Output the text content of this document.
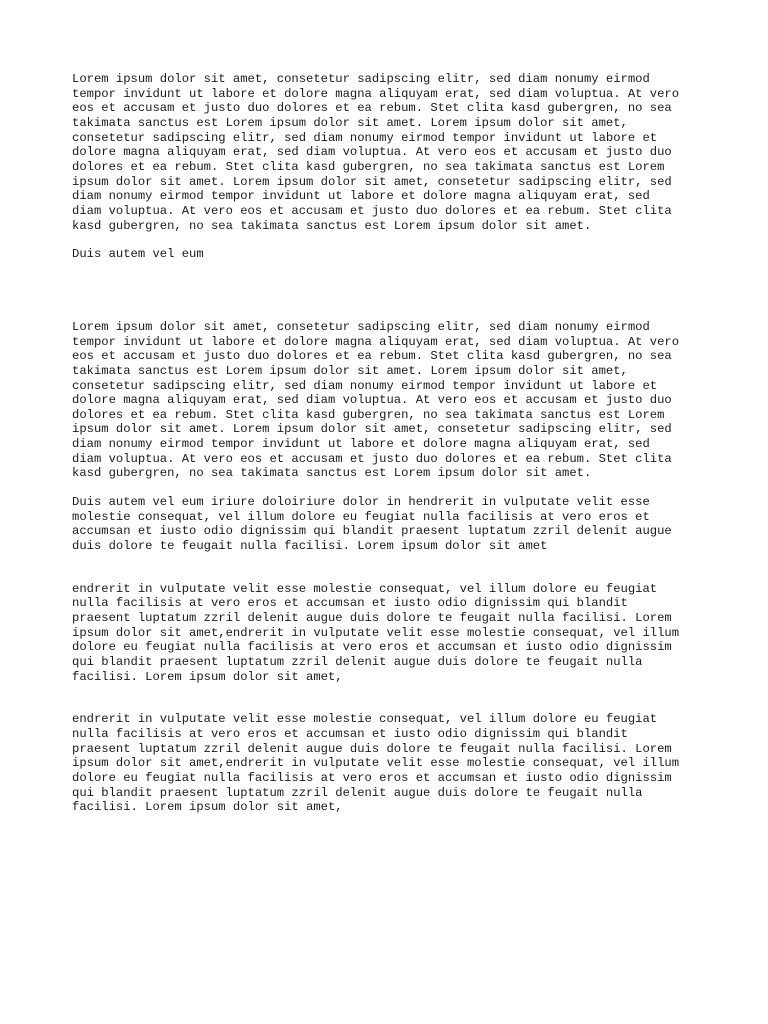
Lorem ipsum dolor sit amet, consetetur sadipscing elitr, sed diam nonumy eirmod
tempor invidunt ut labore et dolore magna aliquyam erat, sed diam voluptua. At vero
eos et accusam et justo duo dolores et ea rebum. Stet clita kasd gubergren, no sea
takimata sanctus est Lorem ipsum dolor sit amet. Lorem ipsum dolor sit amet,
consetetur sadipscing elitr, sed diam nonumy eirmod tempor invidunt ut labore et
dolore magna aliquyam erat, sed diam voluptua. At vero eos et accusam et justo duo
dolores et ea rebum. Stet clita kasd gubergren, no sea takimata sanctus est Lorem
ipsum dolor sit amet. Lorem ipsum dolor sit amet, consetetur sadipscing elitr, sed
diam nonumy eirmod tempor invidunt ut labore et dolore magna aliquyam erat, sed
diam voluptua. At vero eos et accusam et justo duo dolores et ea rebum. Stet clita
kasd gubergren, no sea takimata sanctus est Lorem ipsum dolor sit amet.

Duis autem vel eum

Lorem ipsum dolor sit amet, consetetur sadipscing elitr, sed diam nonumy eirmod
tempor invidunt ut labore et dolore magna aliquyam erat, sed diam voluptua. At vero
eos et accusam et justo duo dolores et ea rebum. Stet clita kasd gubergren, no sea
takimata sanctus est Lorem ipsum dolor sit amet. Lorem ipsum dolor sit amet,
consetetur sadipscing elitr, sed diam nonumy eirmod tempor invidunt ut labore et
dolore magna aliquyam erat, sed diam voluptua. At vero eos et accusam et justo duo
dolores et ea rebum. Stet clita kasd gubergren, no sea takimata sanctus est Lorem
ipsum dolor sit amet. Lorem ipsum dolor sit amet, consetetur sadipscing elitr, sed
diam nonumy eirmod tempor invidunt ut labore et dolore magna aliquyam erat, sed
diam voluptua. At vero eos et accusam et justo duo dolores et ea rebum. Stet clita
kasd gubergren, no sea takimata sanctus est Lorem ipsum dolor sit amet.

Duis autem vel eum iriure doloiriure dolor in hendrerit in vulputate velit esse
molestie consequat, vel illum dolore eu feugiat nulla facilisis at vero eros et
accumsan et iusto odio dignissim qui blandit praesent luptatum zzril delenit augue
duis dolore te feugait nulla facilisi. Lorem ipsum dolor sit amet

endrerit in vulputate velit esse molestie consequat, vel illum dolore eu feugiat
nulla facilisis at vero eros et accumsan et iusto odio dignissim qui blandit
praesent luptatum zzril delenit augue duis dolore te feugait nulla facilisi. Lorem
ipsum dolor sit amet,endrerit in vulputate velit esse molestie consequat, vel illum
dolore eu feugiat nulla facilisis at vero eros et accumsan et iusto odio dignissim
qui blandit praesent luptatum zzril delenit augue duis dolore te feugait nulla
facilisi. Lorem ipsum dolor sit amet,

endrerit in vulputate velit esse molestie consequat, vel illum dolore eu feugiat
nulla facilisis at vero eros et accumsan et iusto odio dignissim qui blandit
praesent luptatum zzril delenit augue duis dolore te feugait nulla facilisi. Lorem
ipsum dolor sit amet,endrerit in vulputate velit esse molestie consequat, vel illum
dolore eu feugiat nulla facilisis at vero eros et accumsan et iusto odio dignissim
qui blandit praesent luptatum zzril delenit augue duis dolore te feugait nulla
facilisi. Lorem ipsum dolor sit amet,
